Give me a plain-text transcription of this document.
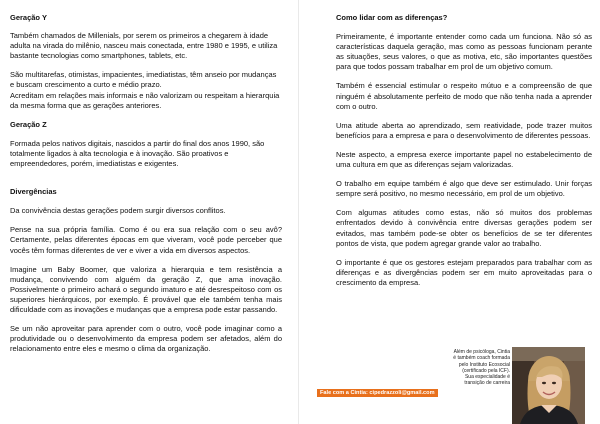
Geração Y

Também chamados de Millenials, por serem os primeiros a chegarem à idade adulta na virada do milênio, nasceu mais conectada, entre 1980 e 1995, e utiliza bastante tecnologias como smartphones, tablets, etc.

São multitarefas, otimistas, impacientes, imediatistas, têm anseio por mudanças e buscam crescimento a curto e médio prazo.

Acreditam em relações mais informais e não valorizam ou respeitam a hierarquia da mesma forma que as gerações anteriores.

Geração Z

Formada pelos nativos digitais, nascidos a partir do final dos anos 1990, são totalmente ligados à alta tecnologia e à inovação. São proativos e empreendedores, porém, imediatistas e exigentes.

Divergências

Da convivência destas gerações podem surgir diversos conflitos.

Pense na sua própria família. Como é ou era sua relação com o seu avô? Certamente, pelas diferentes épocas em que viveram, você pode perceber que vocês têm formas diferentes de ver e viver a vida em diversos aspectos.

Imagine um Baby Boomer, que valoriza a hierarquia e tem resistência a mudança, convivendo com alguém da geração Z, que ama inovação. Possivelmente o primeiro achará o segundo imaturo e até desrespeitoso com os superiores hierárquicos, por exemplo. É provável que ele também tenha mais dificuldade com as inovações e mudanças que a empresa pode estar passando.

Se um não aproveitar para aprender com o outro, você pode imaginar como a produtividade ou o desenvolvimento da empresa podem ser afetados, além do relacionamento entre eles e mesmo o clima da organização.

Como lidar com as diferenças?

Primeiramente, é importante entender como cada um funciona. Não só as características daquela geração, mas como as pessoas funcionam perante as situações, seus valores, o que as motiva, etc, são importantes questões para que todos possam trabalhar em prol de um objetivo comum.

Também é essencial estimular o respeito mútuo e a compreensão de que ninguém é absolutamente perfeito de modo que não tenha nada a aprender com o outro.

Uma atitude aberta ao aprendizado, sem reatividade, pode trazer muitos benefícios para a empresa e para o desenvolvimento de diferentes pessoas.

Neste aspecto, a empresa exerce importante papel no estabelecimento de uma cultura em que as diferenças sejam valorizadas.

O trabalho em equipe também é algo que deve ser estimulado. Unir forças sempre será positivo, no mesmo necessário, em prol de um objetivo.

Com algumas atitudes como estas, não só muitos dos problemas enfrentados devido à convivência entre diversas gerações podem ser evitados, mas também pode-se obter os benefícios de se ter diferentes pontos de vista, que podem agregar grande valor ao trabalho.

O importante é que os gestores estejam preparados para trabalhar com as diferenças e as divergências podem ser em muito aproveitadas para o crescimento da empresa.

Além de psicóloga, Cintia é também coach formada pelo Instituto Ecosocial (certificado pela ICF). Sua especialidade é transição de carreira
Fale com a Cintia: cipedrazzoli@gmail.com
